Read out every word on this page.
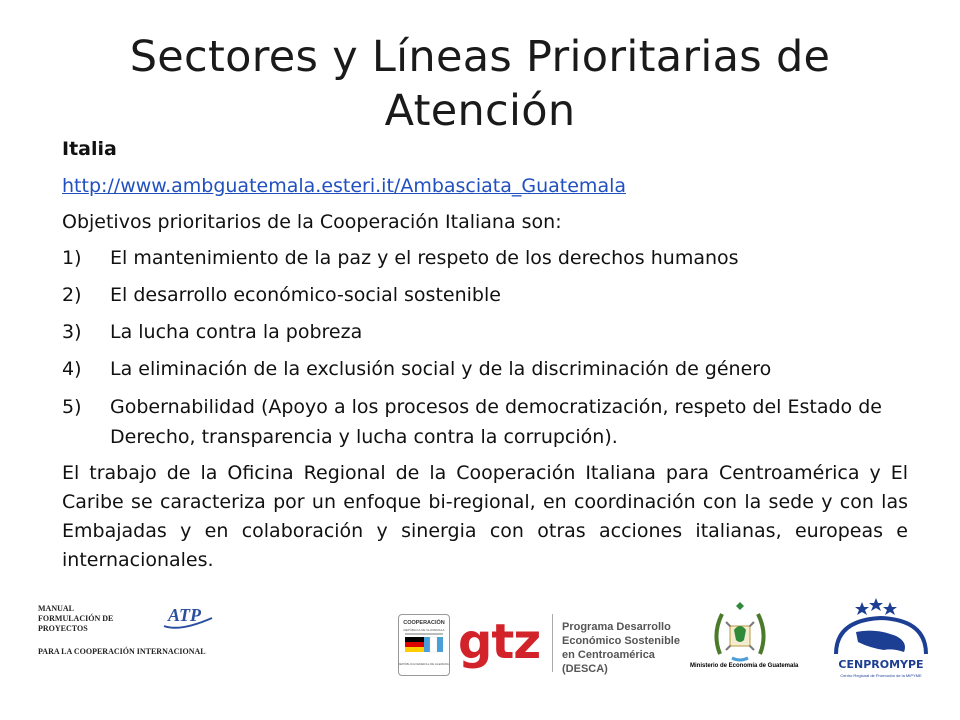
Sectores y Líneas Prioritarias de Atención
Italia
http://www.ambguatemala.esteri.it/Ambasciata_Guatemala
Objetivos prioritarios de la Cooperación Italiana son:
1) El mantenimiento de la paz y el respeto de los derechos humanos
2) El desarrollo económico-social sostenible
3) La lucha contra la pobreza
4) La eliminación de la exclusión social y de la discriminación de género
5) Gobernabilidad (Apoyo a los procesos de democratización, respeto del Estado de Derecho, transparencia y lucha contra la corrupción).
El trabajo de la Oficina Regional de la Cooperación Italiana para Centroamérica y El Caribe se caracteriza por un enfoque bi-regional, en coordinación con la sede y con las Embajadas y en colaboración y sinergia con otras acciones italianas, europeas e internacionales.
MANUAL
FORMULACIÓN DE
PROYECTOS
PARA LA COOPERACIÓN INTERNACIONAL
ATP	COOPERACIÓN
REPÚBLICA DE GUATEMALA
REPÚBLICA FEDERAL DE ALEMANIA gtz Programa Desarrollo
Económico Sostenible
en Centroamérica
(DESCA)	Ministerio de Economía de Guatemala	CENPROMYPE
Centro Regional de Promoción de la MIPYME
